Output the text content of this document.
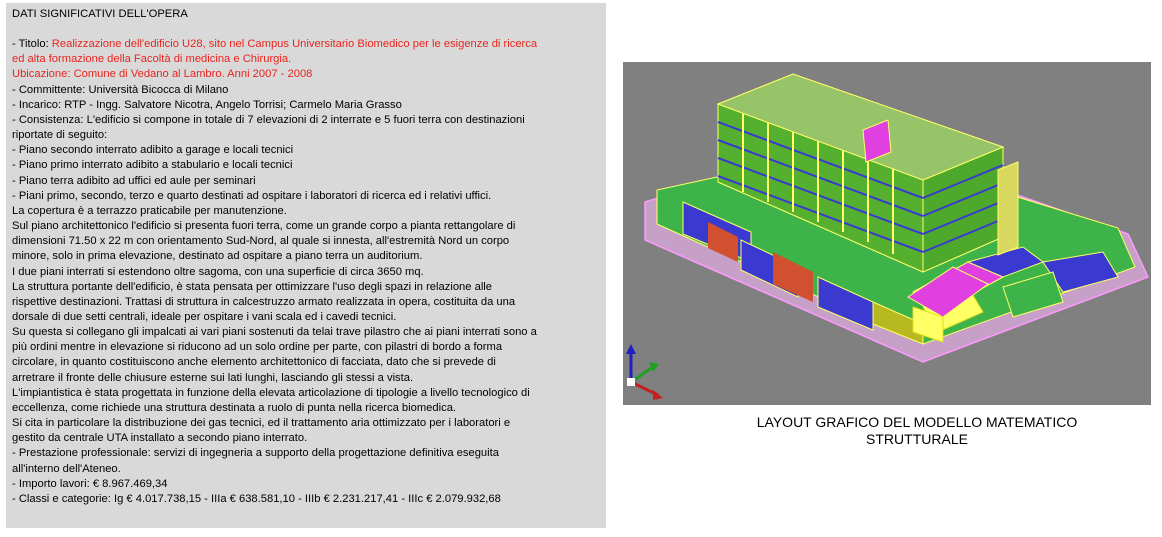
DATI SIGNIFICATIVI DELL'OPERA

- Titolo: Realizzazione dell'edificio U28, sito nel Campus Universitario Biomedico per le esigenze di ricerca

ed alta formazione della Facoltà di medicina e Chirurgia.

Ubicazione: Comune di Vedano al Lambro. Anni 2007 - 2008

- Committente: Università Bicocca di Milano

- Incarico: RTP - Ingg. Salvatore Nicotra, Angelo Torrisi; Carmelo Maria Grasso

- Consistenza: L'edificio si compone in totale di 7 elevazioni di 2 interrate e 5 fuori terra con destinazioni

riportate di seguito:

- Piano secondo interrato adibito a garage e locali tecnici

- Piano primo interrato adibito a stabulario e locali tecnici

- Piano terra adibito ad uffici ed aule per seminari

- Piani primo, secondo, terzo e quarto destinati ad ospitare i laboratori di ricerca ed i relativi uffici.

La copertura è a terrazzo praticabile per manutenzione.

Sul piano architettonico l'edificio si presenta fuori terra, come un grande corpo a pianta rettangolare di

dimensioni 71.50 x 22 m con orientamento Sud-Nord, al quale si innesta, all'estremità Nord un corpo

minore, solo in prima elevazione, destinato ad ospitare a piano terra un auditorium.

I due piani interrati si estendono oltre sagoma, con una superficie di circa 3650 mq.

La struttura portante dell'edificio, è stata pensata per ottimizzare l'uso degli spazi in relazione alle

rispettive destinazioni. Trattasi di struttura in calcestruzzo armato realizzata in opera, costituita da una

dorsale di due setti centrali, ideale per ospitare i vani scala ed i cavedi tecnici.

Su questa si collegano gli impalcati ai vari piani sostenuti da telai trave pilastro che ai piani interrati sono a

più ordini mentre in elevazione si riducono ad un solo ordine per parte, con pilastri di bordo a forma

circolare, in quanto costituiscono anche elemento architettonico di facciata, dato che si prevede di

arretrare il fronte delle chiusure esterne sui lati lunghi, lasciando gli stessi a vista.

L'impiantistica è stata progettata in funzione della elevata articolazione di tipologie a livello tecnologico di

eccellenza, come richiede una struttura destinata a ruolo di punta nella ricerca biomedica.

Si cita in particolare la distribuzione dei gas tecnici, ed il trattamento aria ottimizzato per i laboratori e

gestito da centrale UTA installato a secondo piano interrato.

- Prestazione professionale: servizi di ingegneria a supporto della progettazione definitiva eseguita

all'interno dell'Ateneo.

- Importo lavori: € 8.967.469,34

- Classi e categorie: Ig € 4.017.738,15 - IIIa € 638.581,10 - IIIb € 2.231.217,41 - IIIc € 2.079.932,68

LAYOUT GRAFICO DEL MODELLO MATEMATICO
STRUTTURALE
